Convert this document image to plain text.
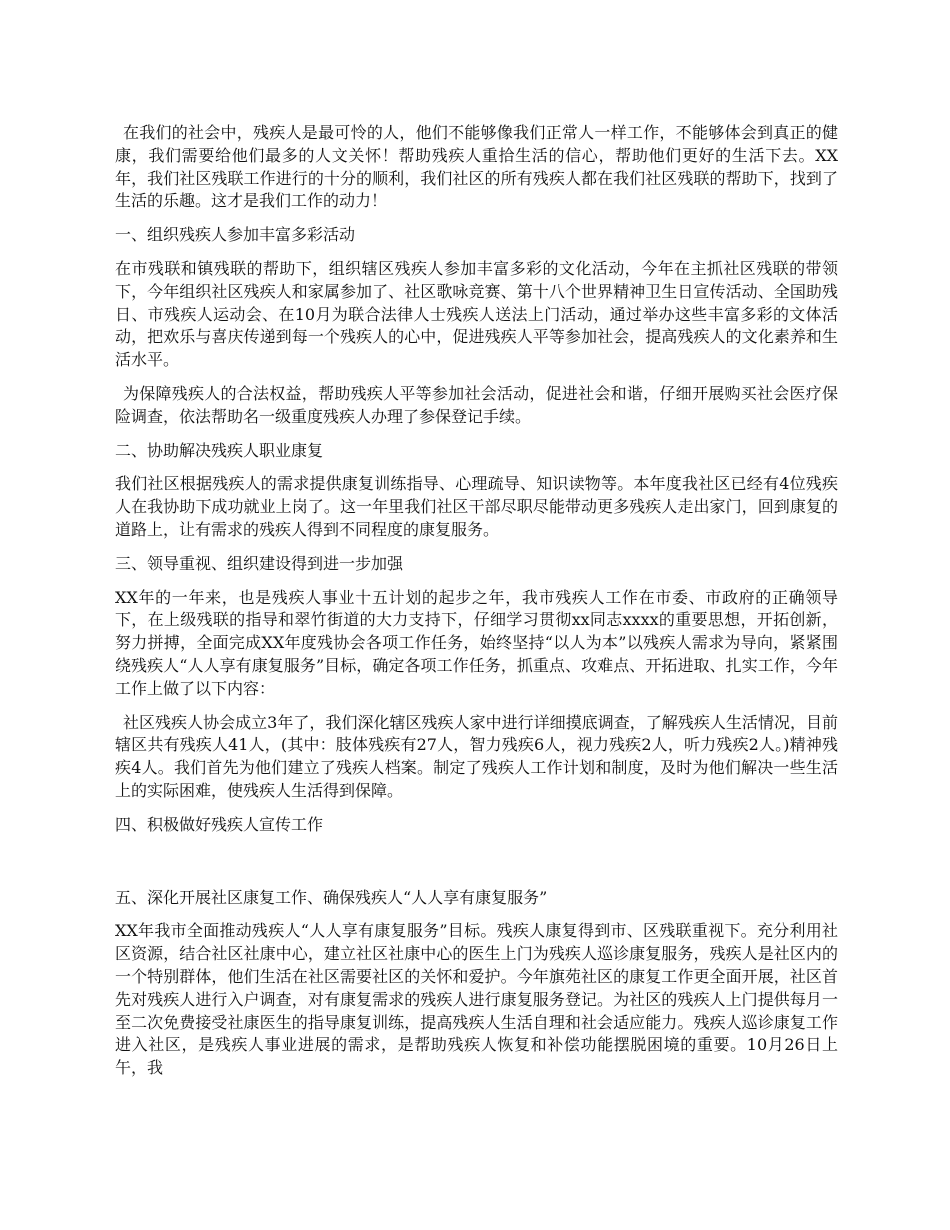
在我们的社会中，残疾人是最可怜的人，他们不能够像我们正常人一样工作，不能够体会到真正的健康，我们需要给他们最多的人文关怀！帮助残疾人重拾生活的信心，帮助他们更好的生活下去。XX年，我们社区残联工作进行的十分的顺利，我们社区的所有残疾人都在我们社区残联的帮助下，找到了生活的乐趣。这才是我们工作的动力！

一、组织残疾人参加丰富多彩活动

在市残联和镇残联的帮助下，组织辖区残疾人参加丰富多彩的文化活动，今年在主抓社区残联的带领下，今年组织社区残疾人和家属参加了、社区歌咏竞赛、第十八个世界精神卫生日宣传活动、全国助残日、市残疾人运动会、在10月为联合法律人士残疾人送法上门活动，通过举办这些丰富多彩的文体活动，把欢乐与喜庆传递到每一个残疾人的心中，促进残疾人平等参加社会，提高残疾人的文化素养和生活水平。

为保障残疾人的合法权益，帮助残疾人平等参加社会活动，促进社会和谐，仔细开展购买社会医疗保险调查，依法帮助名一级重度残疾人办理了参保登记手续。

二、协助解决残疾人职业康复

我们社区根据残疾人的需求提供康复训练指导、心理疏导、知识读物等。本年度我社区已经有4位残疾人在我协助下成功就业上岗了。这一年里我们社区干部尽职尽能带动更多残疾人走出家门，回到康复的道路上，让有需求的残疾人得到不同程度的康复服务。

三、领导重视、组织建设得到进一步加强

XX年的一年来，也是残疾人事业十五计划的起步之年，我市残疾人工作在市委、市政府的正确领导下，在上级残联的指导和翠竹街道的大力支持下，仔细学习贯彻xx同志xxxx的重要思想，开拓创新，努力拼搏，全面完成XX年度残协会各项工作任务，始终坚持“以人为本”以残疾人需求为导向，紧紧围绕残疾人“人人享有康复服务”目标，确定各项工作任务，抓重点、攻难点、开拓进取、扎实工作，今年工作上做了以下内容：

社区残疾人协会成立3年了，我们深化辖区残疾人家中进行详细摸底调查，了解残疾人生活情况，目前辖区共有残疾人41人，(其中：肢体残疾有27人，智力残疾6人，视力残疾2人，听力残疾2人。)精神残疾4人。我们首先为他们建立了残疾人档案。制定了残疾人工作计划和制度，及时为他们解决一些生活上的实际困难，使残疾人生活得到保障。

四、积极做好残疾人宣传工作

五、深化开展社区康复工作、确保残疾人“人人享有康复服务”

XX年我市全面推动残疾人“人人享有康复服务”目标。残疾人康复得到市、区残联重视下。充分利用社区资源，结合社区社康中心，建立社区社康中心的医生上门为残疾人巡诊康复服务，残疾人是社区内的一个特别群体，他们生活在社区需要社区的关怀和爱护。今年旗苑社区的康复工作更全面开展，社区首先对残疾人进行入户调查，对有康复需求的残疾人进行康复服务登记。为社区的残疾人上门提供每月一至二次免费接受社康医生的指导康复训练，提高残疾人生活自理和社会适应能力。残疾人巡诊康复工作进入社区，是残疾人事业进展的需求，是帮助残疾人恢复和补偿功能摆脱困境的重要。10月26日上午，我
